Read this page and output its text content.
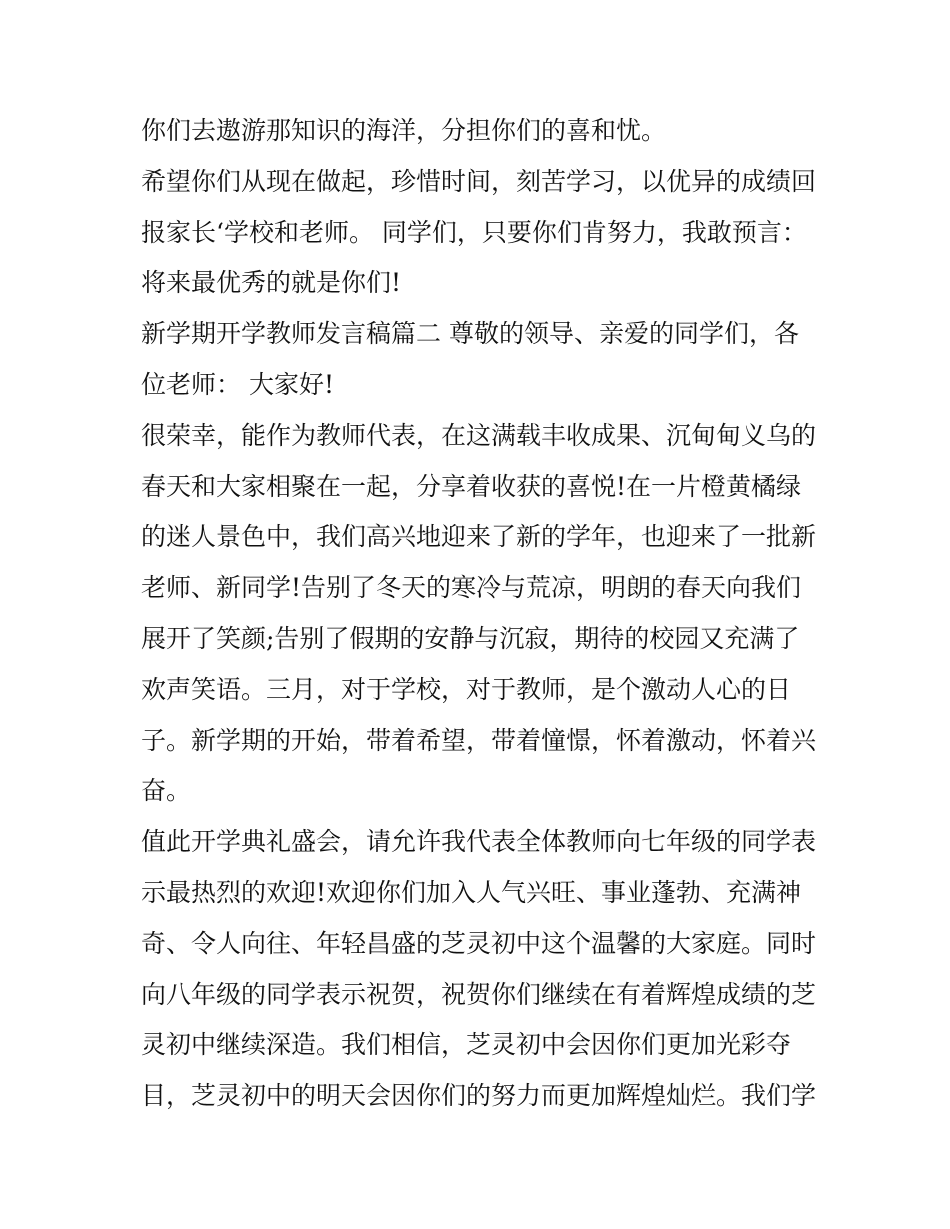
你们去遨游那知识的海洋，分担你们的喜和忧。
希望你们从现在做起，珍惜时间，刻苦学习，以优异的成绩回
报家长‘学校和老师。 同学们，只要你们肯努力，我敢预言：
将来最优秀的就是你们!
新学期开学教师发言稿篇二 尊敬的领导、亲爱的同学们，各
位老师： 大家好!
很荣幸，能作为教师代表，在这满载丰收成果、沉甸甸义乌的
春天和大家相聚在一起，分享着收获的喜悦!在一片橙黄橘绿
的迷人景色中，我们高兴地迎来了新的学年，也迎来了一批新
老师、新同学!告别了冬天的寒冷与荒凉，明朗的春天向我们
展开了笑颜;告别了假期的安静与沉寂，期待的校园又充满了
欢声笑语。三月，对于学校，对于教师，是个激动人心的日
子。新学期的开始，带着希望，带着憧憬，怀着激动，怀着兴
奋。
值此开学典礼盛会，请允许我代表全体教师向七年级的同学表
示最热烈的欢迎!欢迎你们加入人气兴旺、事业蓬勃、充满神
奇、令人向往、年轻昌盛的芝灵初中这个温馨的大家庭。同时
向八年级的同学表示祝贺，祝贺你们继续在有着辉煌成绩的芝
灵初中继续深造。我们相信，芝灵初中会因你们更加光彩夺
目，芝灵初中的明天会因你们的努力而更加辉煌灿烂。我们学
